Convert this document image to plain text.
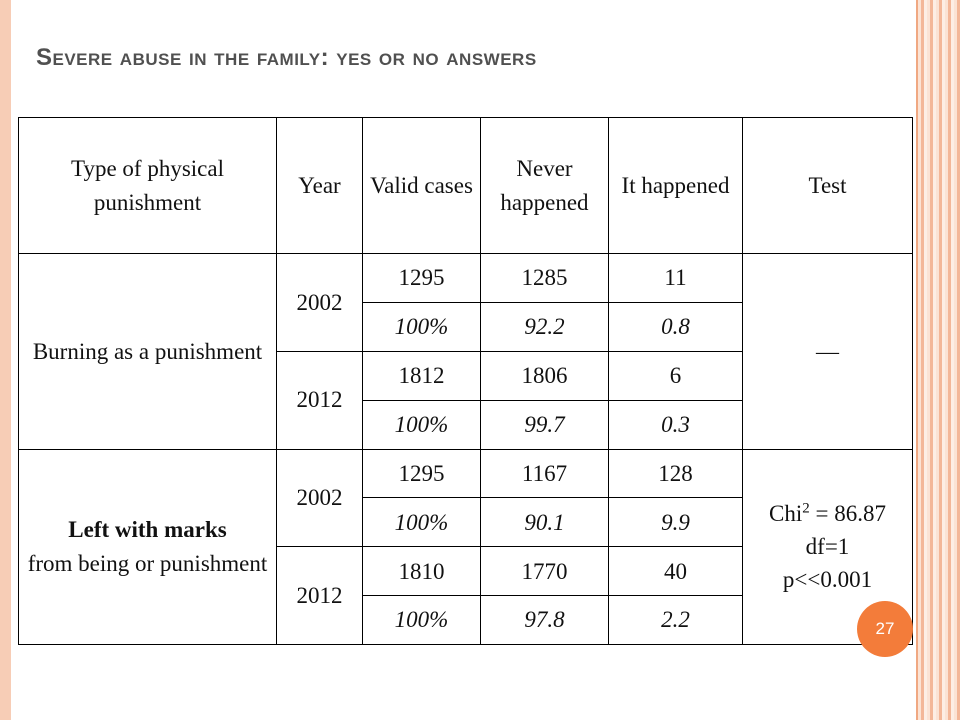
Severe abuse in the family: yes or no answers
Type of physical punishment	Year	Valid cases	Never happened	It happened	Test
Burning as a punishment	2002	1295	1285	11	—
		100%	92.2	0.8	
	2012	1812	1806	6	
		100%	99.7	0.3	
Left with marks
from being or punishment	2002	1295	1167	128	Chi$^2$ = 86.87
df=1
p<<0.001
		100%	90.1	9.9	
	2012	1810	1770	40	
		100%	97.8	2.2		27
